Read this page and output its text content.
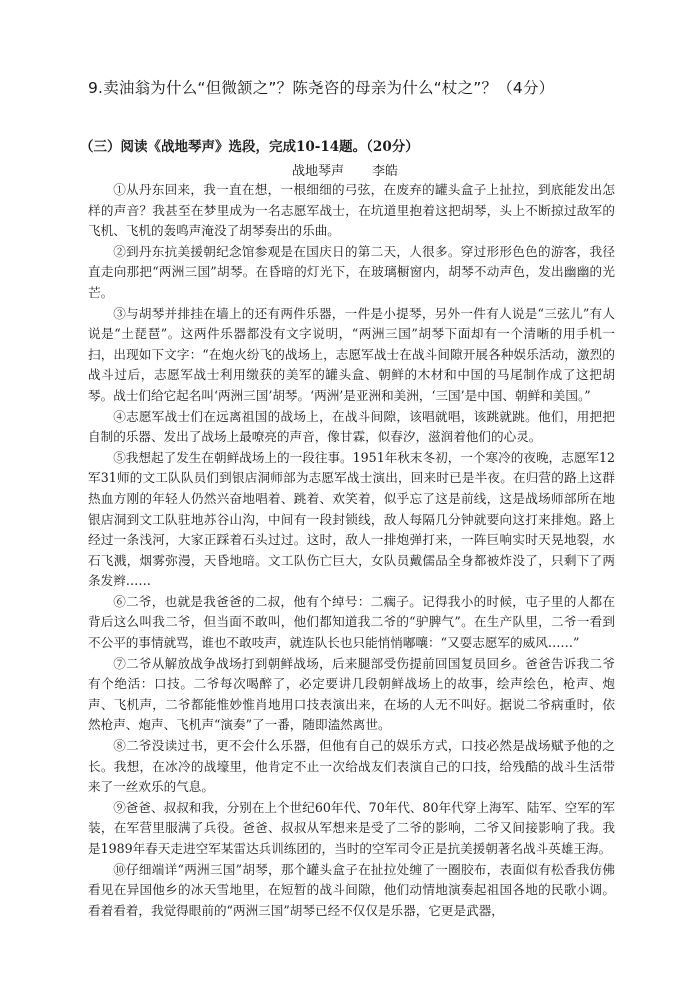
9.卖油翁为什么“但微颔之”？陈尧咨的母亲为什么“杖之”？（4分）
（三）阅读《战地琴声》选段，完成10-14题。（20分）
战地琴声 李皓

①从丹东回来，我一直在想，一根细细的弓弦，在废弃的罐头盒子上扯拉，到底能发出怎样的声音？我甚至在梦里成为一名志愿军战士，在坑道里抱着这把胡琴，头上不断掠过敌军的飞机、飞机的轰鸣声淹没了胡琴奏出的乐曲。

②到丹东抗美援朝纪念馆参观是在国庆日的第二天，人很多。穿过形形色色的游客，我径直走向那把“两洲三国”胡琴。在昏暗的灯光下，在玻璃橱窗内，胡琴不动声色，发出幽幽的光芒。

③与胡琴并排挂在墙上的还有两件乐器，一件是小提琴，另外一件有人说是“三弦儿”有人说是“土琵琶”。这两件乐器都没有文字说明，“两洲三国”胡琴下面却有一个清晰的用手机一扫，出现如下文字：“在炮火纷飞的战场上，志愿军战士在战斗间隙开展各种娱乐活动，激烈的战斗过后，志愿军战士利用缴获的美军的罐头盒、朝鲜的木材和中国的马尾制作成了这把胡琴。战士们给它起名叫‘两洲三国’胡琴。‘两洲’是亚洲和美洲，‘三国’是中国、朝鲜和美国。”

④志愿军战士们在远离祖国的战场上，在战斗间隙，该唱就唱，该跳就跳。他们，用把把自制的乐器、发出了战场上最嘹亮的声音，像甘霖，似春汐，滋润着他们的心灵。

⑤我想起了发生在朝鲜战场上的一段往事。1951年秋末冬初，一个寒冷的夜晚，志愿军12军31师的文工队队员们到银店洞师部为志愿军战士演出，回来时已是半夜。在归营的路上这群热血方刚的年轻人仍然兴奋地唱着、跳着、欢笑着，似乎忘了这是前线，这是战场师部所在地银店洞到文工队驻地苏谷山沟，中间有一段封锁线，敌人每隔几分钟就要向这打来排炮。路上经过一条浅河，大家正踩着石头过过。这时，敌人一排炮弹打来，一阵巨响实时天晃地裂，水石飞溅，烟雾弥漫，天昏地暗。文工队伤亡巨大，女队员戴儒品全身都被炸没了，只剩下了两条发辫……

⑥二爷，也就是我爸爸的二叔，他有个绰号：二瘸子。记得我小的时候，屯子里的人都在背后这么叫我二爷，但当面不敢叫，他们都知道我二爷的“驴脾气”。在生产队里，二爷一看到不公平的事情就骂，谁也不敢吱声，就连队长也只能悄悄嘟嚷：“又耍志愿军的威风……”

⑦二爷从解放战争战场打到朝鲜战场，后来腿部受伤提前回国复员回乡。爸爸告诉我二爷有个绝活：口技。二爷每次喝醉了，必定要讲几段朝鲜战场上的故事，绘声绘色，枪声、炮声、飞机声，二爷都能惟妙惟肖地用口技表演出来，在场的人无不叫好。据说二爷病重时，依然枪声、炮声、飞机声“演奏”了一番，随即溘然离世。

⑧二爷没读过书，更不会什么乐器，但他有自己的娱乐方式，口技必然是战场赋予他的之长。我想，在冰冷的战壕里，他肯定不止一次给战友们表演自己的口技，给残酷的战斗生活带来了一丝欢乐的气息。

⑨爸爸、叔叔和我，分别在上个世纪60年代、70年代、80年代穿上海军、陆军、空军的军装，在军营里服满了兵役。爸爸、叔叔从军想来是受了二爷的影响，二爷又间接影响了我。我是1989年春天走进空军某雷达兵训练团的，当时的空军司令正是抗美援朝著名战斗英雄王海。

⑩仔细端详“两洲三国”胡琴，那个罐头盒子在扯拉处缠了一圈胶布，表面似有松香我仿佛看见在异国他乡的冰天雪地里，在短暂的战斗间隙，他们动情地演奏起祖国各地的民歌小调。看着看着，我觉得眼前的“两洲三国”胡琴已经不仅仅是乐器，它更是武器，
